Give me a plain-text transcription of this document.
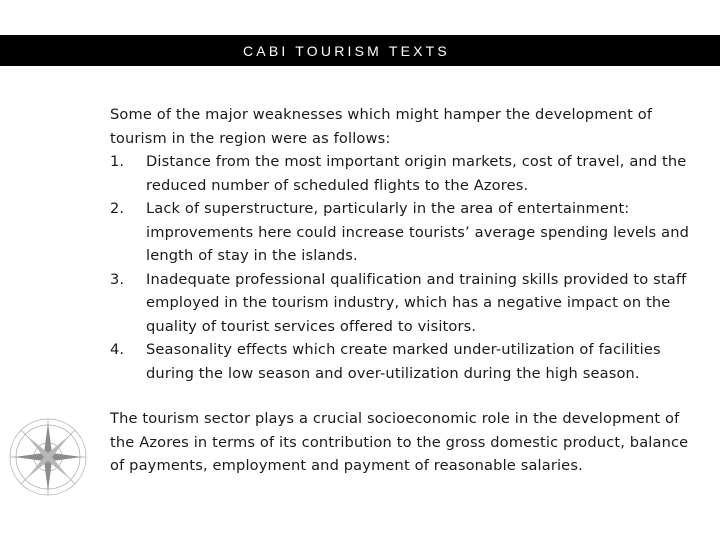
CABI TOURISM TEXTS

Some of the major weaknesses which might hamper the development of tourism in the region were as follows:

1. Distance from the most important origin markets, cost of travel, and the reduced number of scheduled flights to the Azores.
2. Lack of superstructure, particularly in the area of entertainment: improvements here could increase tourists’ average spending levels and length of stay in the islands.
3. Inadequate professional qualification and training skills provided to staff employed in the tourism industry, which has a negative impact on the quality of tourist services offered to visitors.
4. Seasonality effects which create marked under-utilization of facilities during the low season and over-utilization during the high season.

The tourism sector plays a crucial socioeconomic role in the development of the Azores in terms of its contribution to the gross domestic product, balance of payments, employment and payment of reasonable salaries.
